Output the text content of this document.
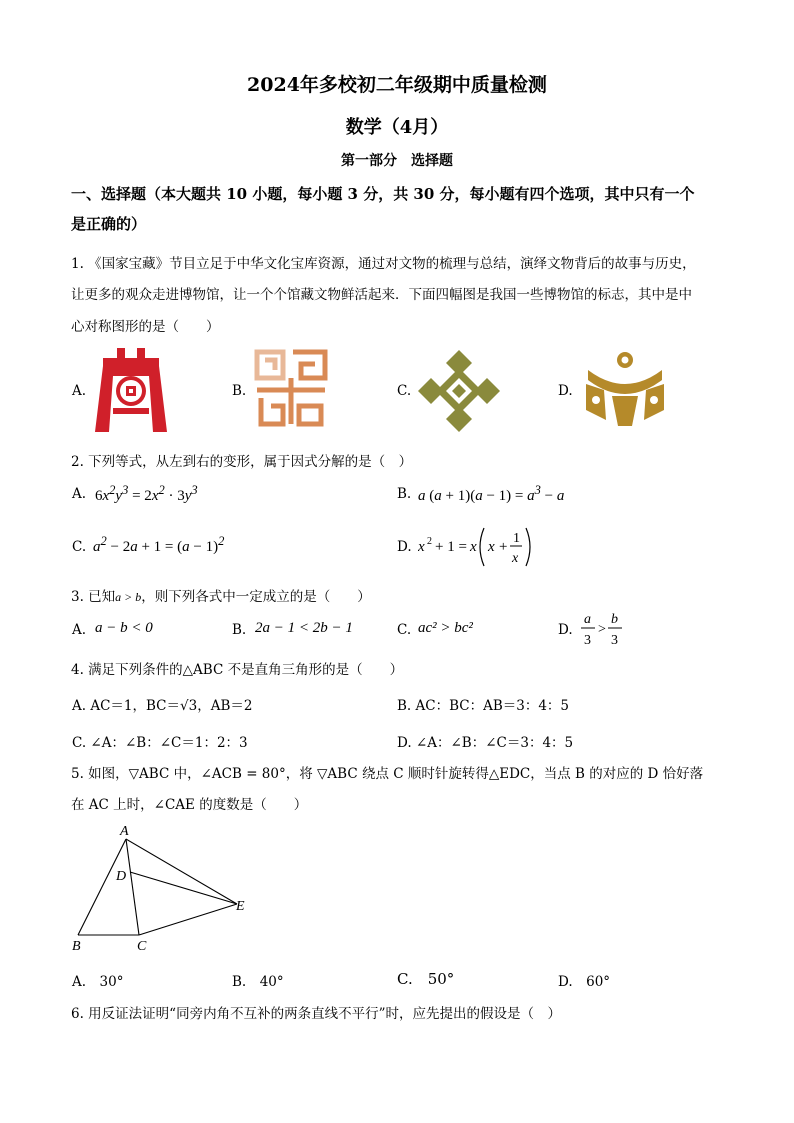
2024年多校初二年级期中质量检测
数学（4月）
第一部分　选择题
一、选择题（本大题共 10 小题，每小题 3 分，共 30 分，每小题有四个选项，其中只有一个
是正确的）
1. 《国家宝藏》节目立足于中华文化宝库资源，通过对文物的梳理与总结，演绎文物背后的故事与历史，
让更多的观众走进博物馆，让一个个馆藏文物鲜活起来．下面四幅图是我国一些博物馆的标志，其中是中
心对称图形的是（　　）
A.	B.	C.	D.
2. 下列等式，从左到右的变形，属于因式分解的是（　）
A. $6x^2y^3 = 2x^2 \cdot 3y^3$	B. a $(a + 1)(a - 1) = a^3 - a$
C. $a^2 - 2a + 1 = (a - 1)^2$	D. x 2 + 1 = x x +
1
x
3. 已知a > b，则下列各式中一定成立的是（　　）
A. a − b < 0	B. 2a − 1 < 2b − 1	C. ac² > bc²	D.
a
3
>
b
3
4. 满足下列条件的△ABC 不是直角三角形的是（　　）
A. AC＝1，BC＝√3，AB＝2	B. AC：BC：AB＝3：4：5
C. ∠A：∠B：∠C＝1：2：3	D. ∠A：∠B：∠C＝3：4：5
5. 如图，▽ABC 中，∠ACB = 80°，将 ▽ABC 绕点 C 顺时针旋转得△EDC，当点 B 的对应的 D 恰好落
在 AC 上时，∠CAE 的度数是（　　）
A
B	C
D
E
A.　30°	B.　40°	C.　50°	D.　60°
6. 用反证法证明“同旁内角不互补的两条直线不平行”时，应先提出的假设是（　）
